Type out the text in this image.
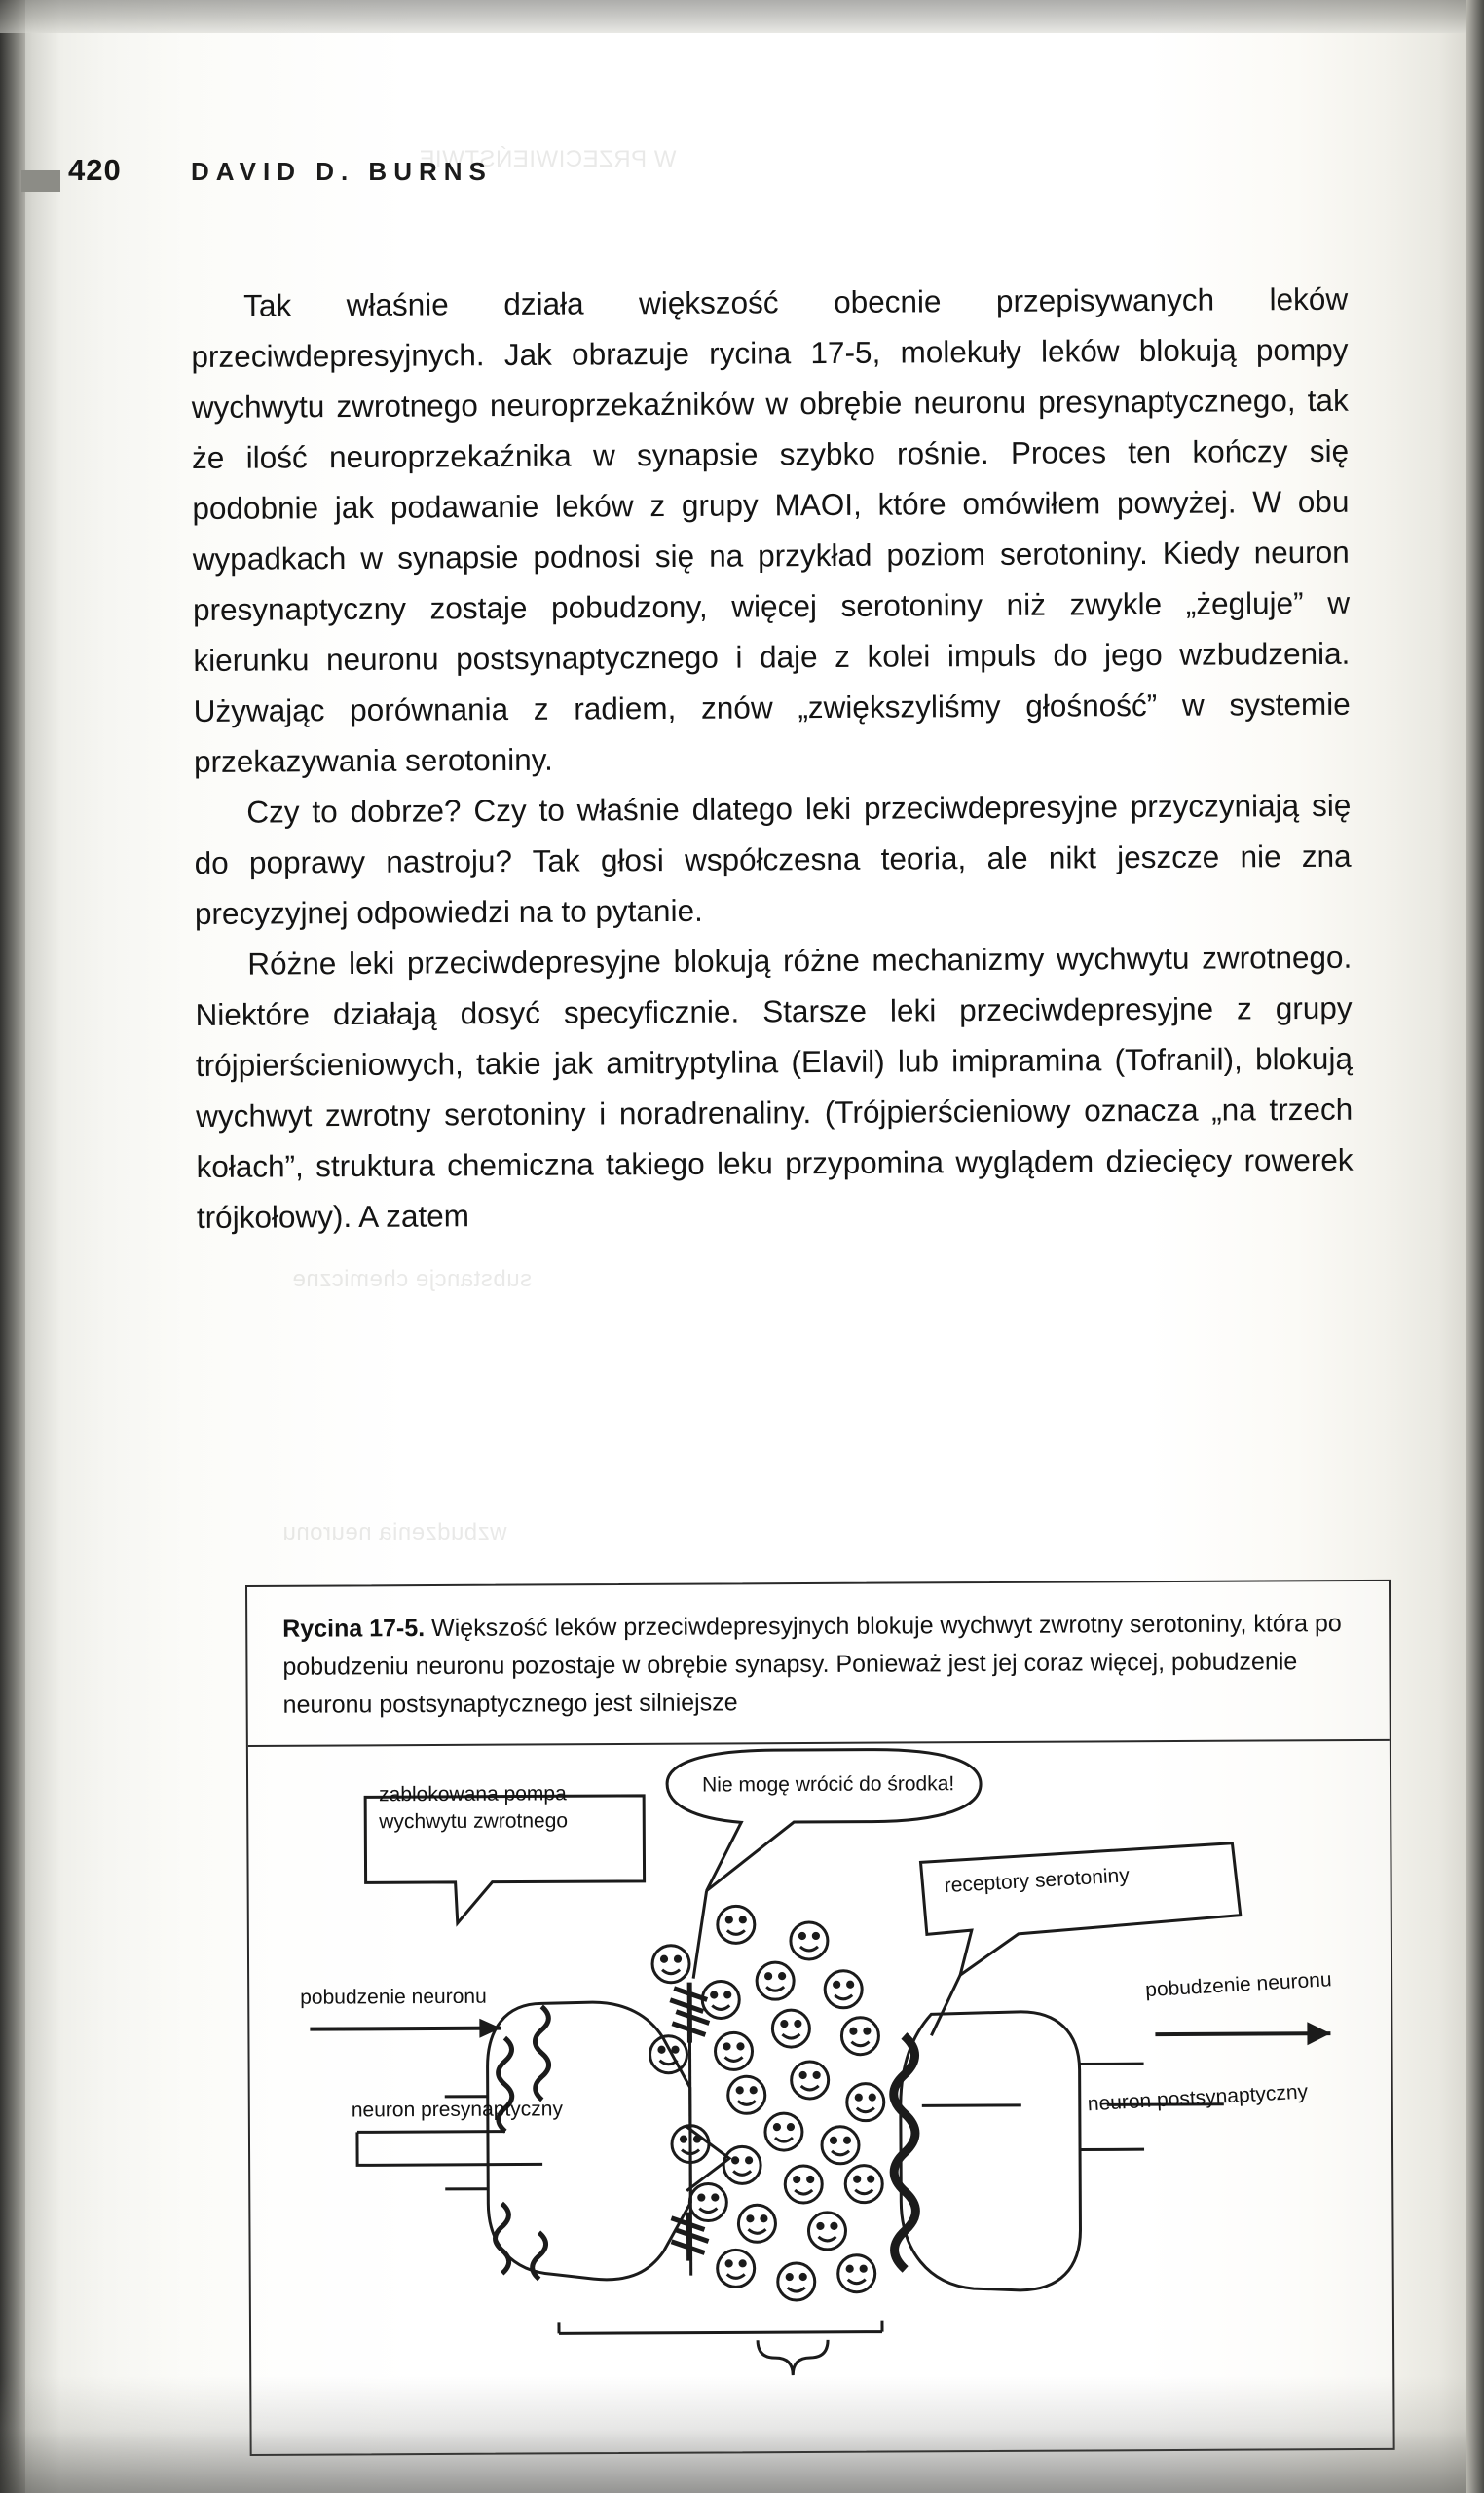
420	DAVID D. BURNS

Tak właśnie działa większość obecnie przepisywanych leków przeciwdepresyjnych. Jak obrazuje rycina 17-5, molekuły leków blokują pompy wychwytu zwrotnego neuroprzekaźników w obrębie neuronu presynaptycznego, tak że ilość neuroprzekaźnika w synapsie szybko rośnie. Proces ten kończy się podobnie jak podawanie leków z grupy MAOI, które omówiłem powyżej. W obu wypadkach w synapsie podnosi się na przykład poziom serotoniny. Kiedy neuron presynaptyczny zostaje pobudzony, więcej serotoniny niż zwykle „żegluje” w kierunku neuronu postsynaptycznego i daje z kolei impuls do jego wzbudzenia. Używając porównania z radiem, znów „zwiększyliśmy głośność” w systemie przekazywania serotoniny.

Czy to dobrze? Czy to właśnie dlatego leki przeciwdepresyjne przyczyniają się do poprawy nastroju? Tak głosi współczesna teoria, ale nikt jeszcze nie zna precyzyjnej odpowiedzi na to pytanie.

Różne leki przeciwdepresyjne blokują różne mechanizmy wychwytu zwrotnego. Niektóre działają dosyć specyficznie. Starsze leki przeciwdepresyjne z grupy trójpierścieniowych, takie jak amitryptylina (Elavil) lub imipramina (Tofranil), blokują wychwyt zwrotny serotoniny i noradrenaliny. (Trójpierścieniowy oznacza „na trzech kołach”, struktura chemiczna takiego leku przypomina wyglądem dziecięcy rowerek trójkołowy). A zatem

Rycina 17-5. Większość leków przeciwdepresyjnych blokuje wychwyt zwrotny serotoniny, która po pobudzeniu neuronu pozostaje w obrębie synapsy. Ponieważ jest jej coraz więcej, pobudzenie neuronu postsynaptycznego jest silniejsze
zablokowana pompa wychwytu zwrotnego
Nie mogę wrócić do środka!
receptory serotoniny
pobudzenie neuronu	pobudzenie neuronu
neuron presynaptyczny	neuron postsynaptyczny
